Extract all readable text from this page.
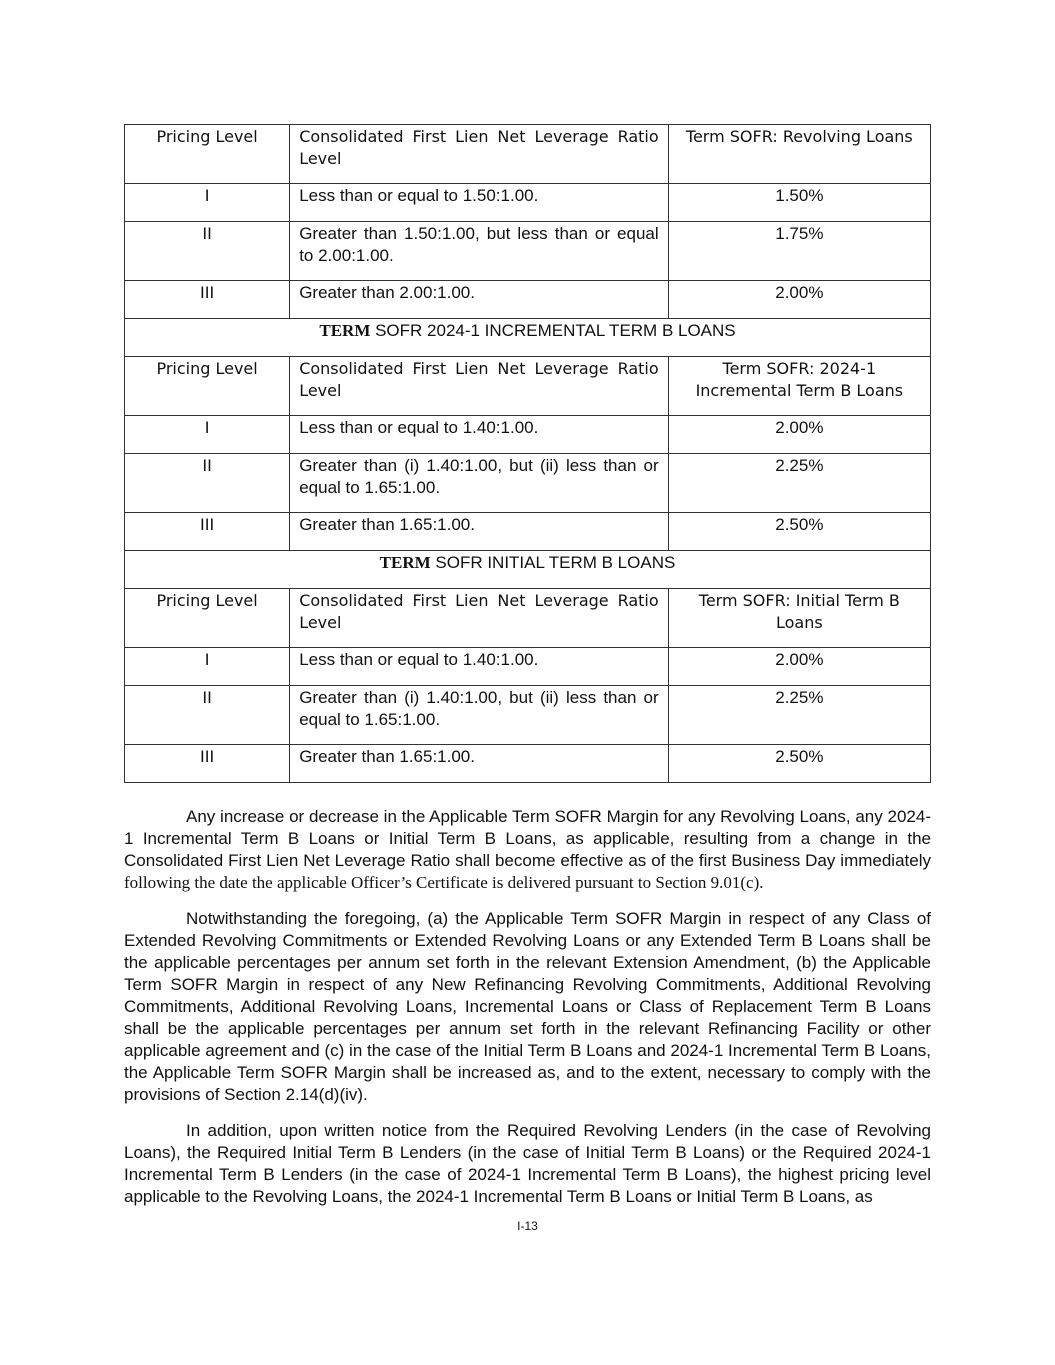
Pricing Level	Consolidated First Lien Net Leverage Ratio Level	Term SOFR: Revolving Loans

I	Less than or equal to 1.50:1.00.	1.50%

II	Greater than 1.50:1.00, but less than or equal to 2.00:1.00.	1.75%

III	Greater than 2.00:1.00.	2.00%

TERM SOFR 2024-1 INCREMENTAL TERM B LOANS		

Pricing Level	Consolidated First Lien Net Leverage Ratio Level	Term SOFR: 2024-1 Incremental Term B Loans

I	Less than or equal to 1.40:1.00.	2.00%

II	Greater than (i) 1.40:1.00, but (ii) less than or equal to 1.65:1.00.	2.25%

III	Greater than 1.65:1.00.	2.50%

TERM SOFR INITIAL TERM B LOANS		

Pricing Level	Consolidated First Lien Net Leverage Ratio Level	Term SOFR: Initial Term B Loans

I	Less than or equal to 1.40:1.00.	2.00%

II	Greater than (i) 1.40:1.00, but (ii) less than or equal to 1.65:1.00.	2.25%

III	Greater than 1.65:1.00.	2.50%

Any increase or decrease in the Applicable Term SOFR Margin for any Revolving Loans, any 2024-1 Incremental Term B Loans or Initial Term B Loans, as applicable, resulting from a change in the Consolidated First Lien Net Leverage Ratio shall become effective as of the first Business Day immediately following the date the applicable Officer’s Certificate is delivered pursuant to Section 9.01(c).

Notwithstanding the foregoing, (a) the Applicable Term SOFR Margin in respect of any Class of Extended Revolving Commitments or Extended Revolving Loans or any Extended Term B Loans shall be the applicable percentages per annum set forth in the relevant Extension Amendment, (b) the Applicable Term SOFR Margin in respect of any New Refinancing Revolving Commitments, Additional Revolving Commitments, Additional Revolving Loans, Incremental Loans or Class of Replacement Term B Loans shall be the applicable percentages per annum set forth in the relevant Refinancing Facility or other applicable agreement and (c) in the case of the Initial Term B Loans and 2024-1 Incremental Term B Loans, the Applicable Term SOFR Margin shall be increased as, and to the extent, necessary to comply with the provisions of Section 2.14(d)(iv).

In addition, upon written notice from the Required Revolving Lenders (in the case of Revolving Loans), the Required Initial Term B Lenders (in the case of Initial Term B Loans) or the Required 2024-1 Incremental Term B Lenders (in the case of 2024-1 Incremental Term B Loans), the highest pricing level applicable to the Revolving Loans, the 2024-1 Incremental Term B Loans or Initial Term B Loans, as

I-13
